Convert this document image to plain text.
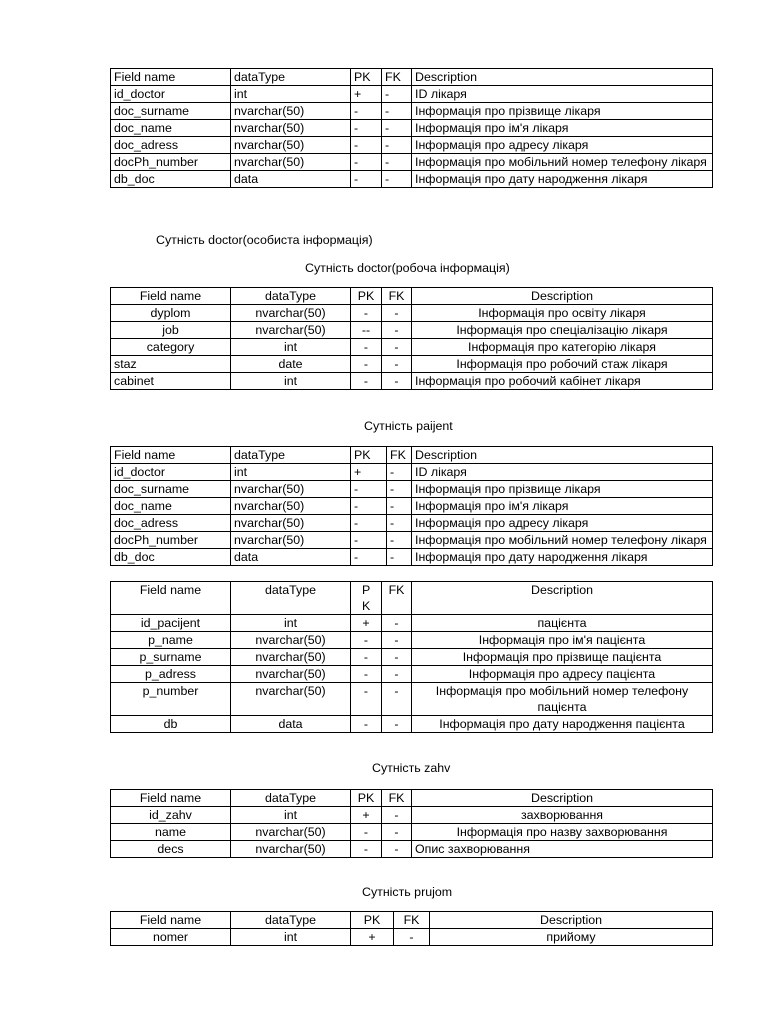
Field name	dataType	PK	FK	Description
id_doctor	int	+	-	ID лікаря
doc_surname	nvarchar(50)	-	-	Інформація про прізвище лікаря
doc_name	nvarchar(50)	-	-	Інформація про ім'я лікаря
doc_adress	nvarchar(50)	-	-	Інформація про адресу лікаря
docPh_number	nvarchar(50)	-	-	Інформація про мобільний номер телефону лікаря
db_doc	data	-	-	Інформація про дату народження лікаря
Сутність doctor(особиста інформація)
Сутність doctor(робоча інформація)
Field name	dataType	PK	FK	Description
dyplom	nvarchar(50)	-	-	Інформація про освіту лікаря
job	nvarchar(50)	--	-	Інформація про спеціалізацію лікаря
category	int	-	-	Інформація про категорію лікаря
staz	date	-	-	Інформація про робочий стаж лікаря
cabinet	int	-	-	Інформація про робочий кабінет лікаря
Сутність paijent
Field name	dataType	PK	FK	Description
id_doctor	int	+	-	ID лікаря
doc_surname	nvarchar(50)	-	-	Інформація про прізвище лікаря
doc_name	nvarchar(50)	-	-	Інформація про ім'я лікаря
doc_adress	nvarchar(50)	-	-	Інформація про адресу лікаря
docPh_number	nvarchar(50)	-	-	Інформація про мобільний номер телефону лікаря
db_doc	data	-	-	Інформація про дату народження лікаря
Field name	dataType	PK	FK	Description
id_pacijent	int	+	-	пацієнта
p_name	nvarchar(50)	-	-	Інформація про ім'я пацієнта
p_surname	nvarchar(50)	-	-	Інформація про прізвище пацієнта
p_adress	nvarchar(50)	-	-	Інформація про адресу пацієнта
p_number	nvarchar(50)	-	-	Інформація про мобільний номер телефону пацієнта
db	data	-	-	Інформація про дату народження пацієнта
Сутність zahv
Field name	dataType	PK	FK	Description
id_zahv	int	+	-	захворювання
name	nvarchar(50)	-	-	Інформація про назву захворювання
decs	nvarchar(50)	-	-	Опис захворювання
Сутність prujom
Field name	dataType	PK	FK	Description
nomer	int	+	-	прийому
